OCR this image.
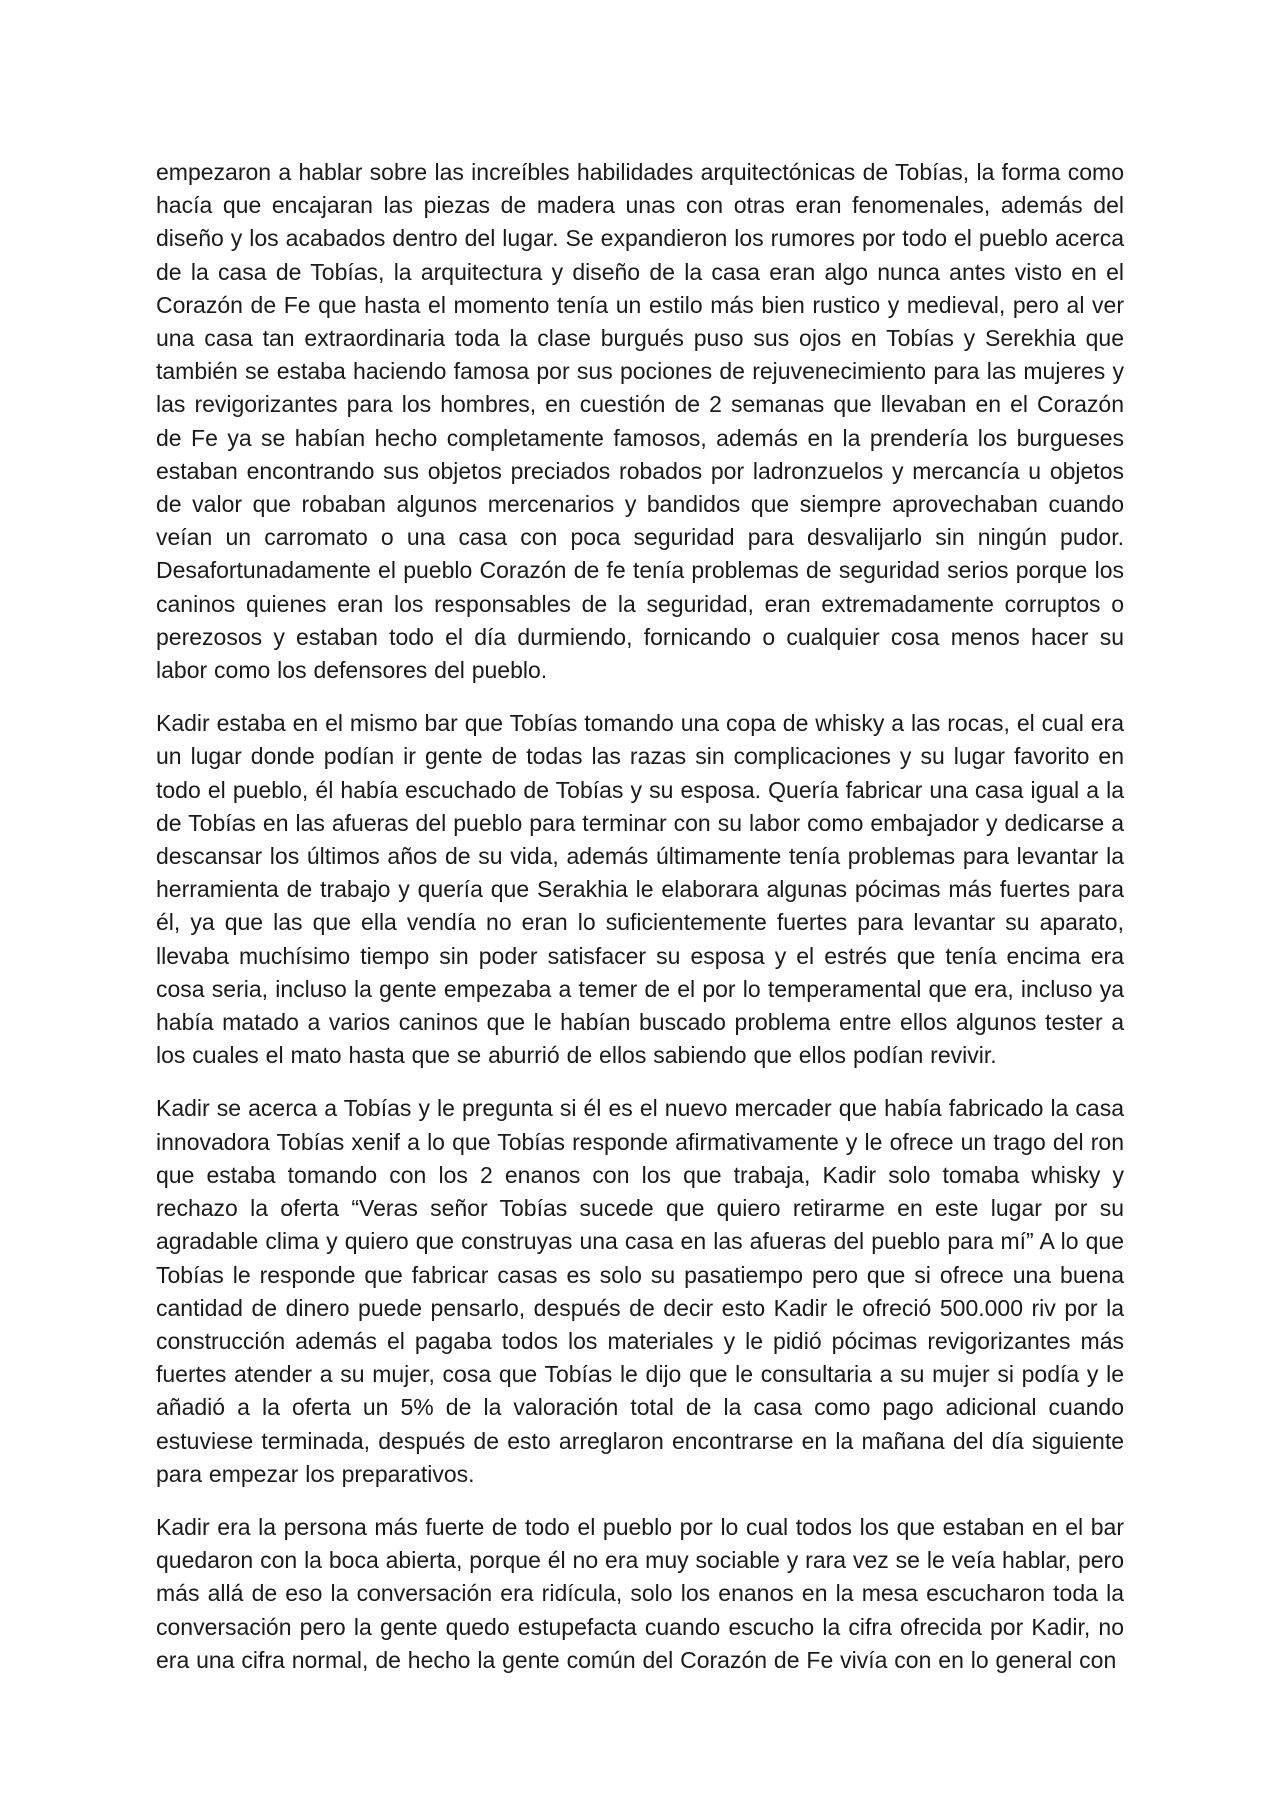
empezaron a hablar sobre las increíbles habilidades arquitectónicas de Tobías, la forma como hacía que encajaran las piezas de madera unas con otras eran fenomenales, además del diseño y los acabados dentro del lugar. Se expandieron los rumores por todo el pueblo acerca de la casa de Tobías, la arquitectura y diseño de la casa eran algo nunca antes visto en el Corazón de Fe que hasta el momento tenía un estilo más bien rustico y medieval, pero al ver una casa tan extraordinaria toda la clase burgués puso sus ojos en Tobías y Serekhia que también se estaba haciendo famosa por sus pociones de rejuvenecimiento para las mujeres y las revigorizantes para los hombres, en cuestión de 2 semanas que llevaban en el Corazón de Fe ya se habían hecho completamente famosos, además en la prendería los burgueses estaban encontrando sus objetos preciados robados por ladronzuelos y mercancía u objetos de valor que robaban algunos mercenarios y bandidos que siempre aprovechaban cuando veían un carromato o una casa con poca seguridad para desvalijarlo sin ningún pudor. Desafortunadamente el pueblo Corazón de fe tenía problemas de seguridad serios porque los caninos quienes eran los responsables de la seguridad, eran extremadamente corruptos o perezosos y estaban todo el día durmiendo, fornicando o cualquier cosa menos hacer su labor como los defensores del pueblo.

Kadir estaba en el mismo bar que Tobías tomando una copa de whisky a las rocas, el cual era un lugar donde podían ir gente de todas las razas sin complicaciones y su lugar favorito en todo el pueblo, él había escuchado de Tobías y su esposa. Quería fabricar una casa igual a la de Tobías en las afueras del pueblo para terminar con su labor como embajador y dedicarse a descansar los últimos años de su vida, además últimamente tenía problemas para levantar la herramienta de trabajo y quería que Serakhia le elaborara algunas pócimas más fuertes para él, ya que las que ella vendía no eran lo suficientemente fuertes para levantar su aparato, llevaba muchísimo tiempo sin poder satisfacer su esposa y el estrés que tenía encima era cosa seria, incluso la gente empezaba a temer de el por lo temperamental que era, incluso ya había matado a varios caninos que le habían buscado problema entre ellos algunos tester a los cuales el mato hasta que se aburrió de ellos sabiendo que ellos podían revivir.

Kadir se acerca a Tobías y le pregunta si él es el nuevo mercader que había fabricado la casa innovadora Tobías xenif a lo que Tobías responde afirmativamente y le ofrece un trago del ron que estaba tomando con los 2 enanos con los que trabaja, Kadir solo tomaba whisky y rechazo la oferta “Veras señor Tobías sucede que quiero retirarme en este lugar por su agradable clima y quiero que construyas una casa en las afueras del pueblo para mí” A lo que Tobías le responde que fabricar casas es solo su pasatiempo pero que si ofrece una buena cantidad de dinero puede pensarlo, después de decir esto Kadir le ofreció 500.000 riv por la construcción además el pagaba todos los materiales y le pidió pócimas revigorizantes más fuertes atender a su mujer, cosa que Tobías le dijo que le consultaria a su mujer si podía y le añadió a la oferta un 5% de la valoración total de la casa como pago adicional cuando estuviese terminada, después de esto arreglaron encontrarse en la mañana del día siguiente para empezar los preparativos.

Kadir era la persona más fuerte de todo el pueblo por lo cual todos los que estaban en el bar quedaron con la boca abierta, porque él no era muy sociable y rara vez se le veía hablar, pero más allá de eso la conversación era ridícula, solo los enanos en la mesa escucharon toda la conversación pero la gente quedo estupefacta cuando escucho la cifra ofrecida por Kadir, no era una cifra normal, de hecho la gente común del Corazón de Fe vivía con en lo general con
